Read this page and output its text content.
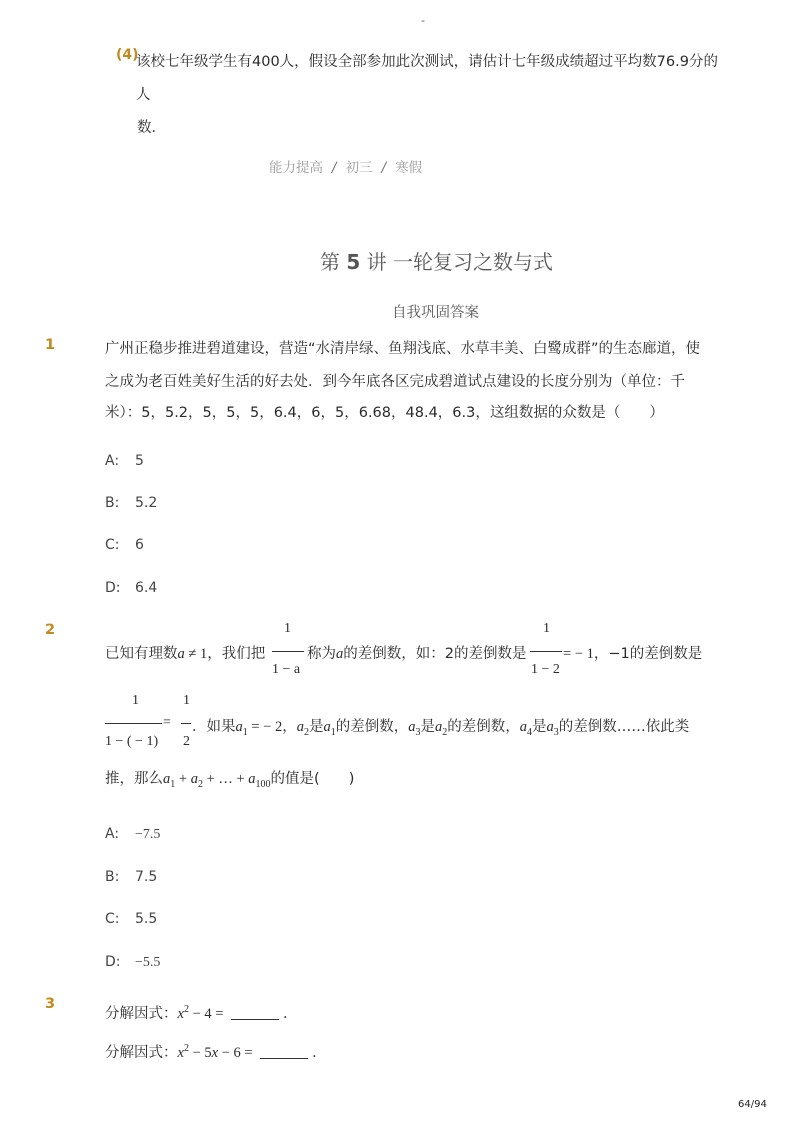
-
(4)
该校七年级学生有400人，假设全部参加此次测试，请估计七年级成绩超过平均数76.9分的人
数．
能力提高 / 初三 / 寒假
第 5 讲 一轮复习之数与式
自我巩固答案
1	广州正稳步推进碧道建设，营造“水清岸绿、鱼翔浅底、水草丰美、白鹭成群”的生态廊道，使
之成为老百姓美好生活的好去处．到今年底各区完成碧道试点建设的长度分别为（单位：千
米）：5，5.2，5，5，5，6.4，6，5，6.68，48.4，6.3，这组数据的众数是（　　）
A: 5
B: 5.2
C: 6
D: 6.4
2
已知有理数a ≠ 1，我们把
1
1 − a
称为a的差倒数，如：2的差倒数是
1
1 − 2
= − 1，−1的差倒数是
1
1 − ( − 1)
=
1
2
．如果$a_1$ = − 2，$a_2$是$a_1$的差倒数，$a_3$是$a_2$的差倒数，$a_4$是$a_3$的差倒数……依此类
推，那么$a_1 + a_2$ + … + $a_{100}$的值是(　　)
A: −7.5
B: 7.5
C: 5.5
D: −5.5
3
分解因式：$x^2 - 4$ =	．
分解因式：$x^2 - 5x - 6$ =	．
64/94
